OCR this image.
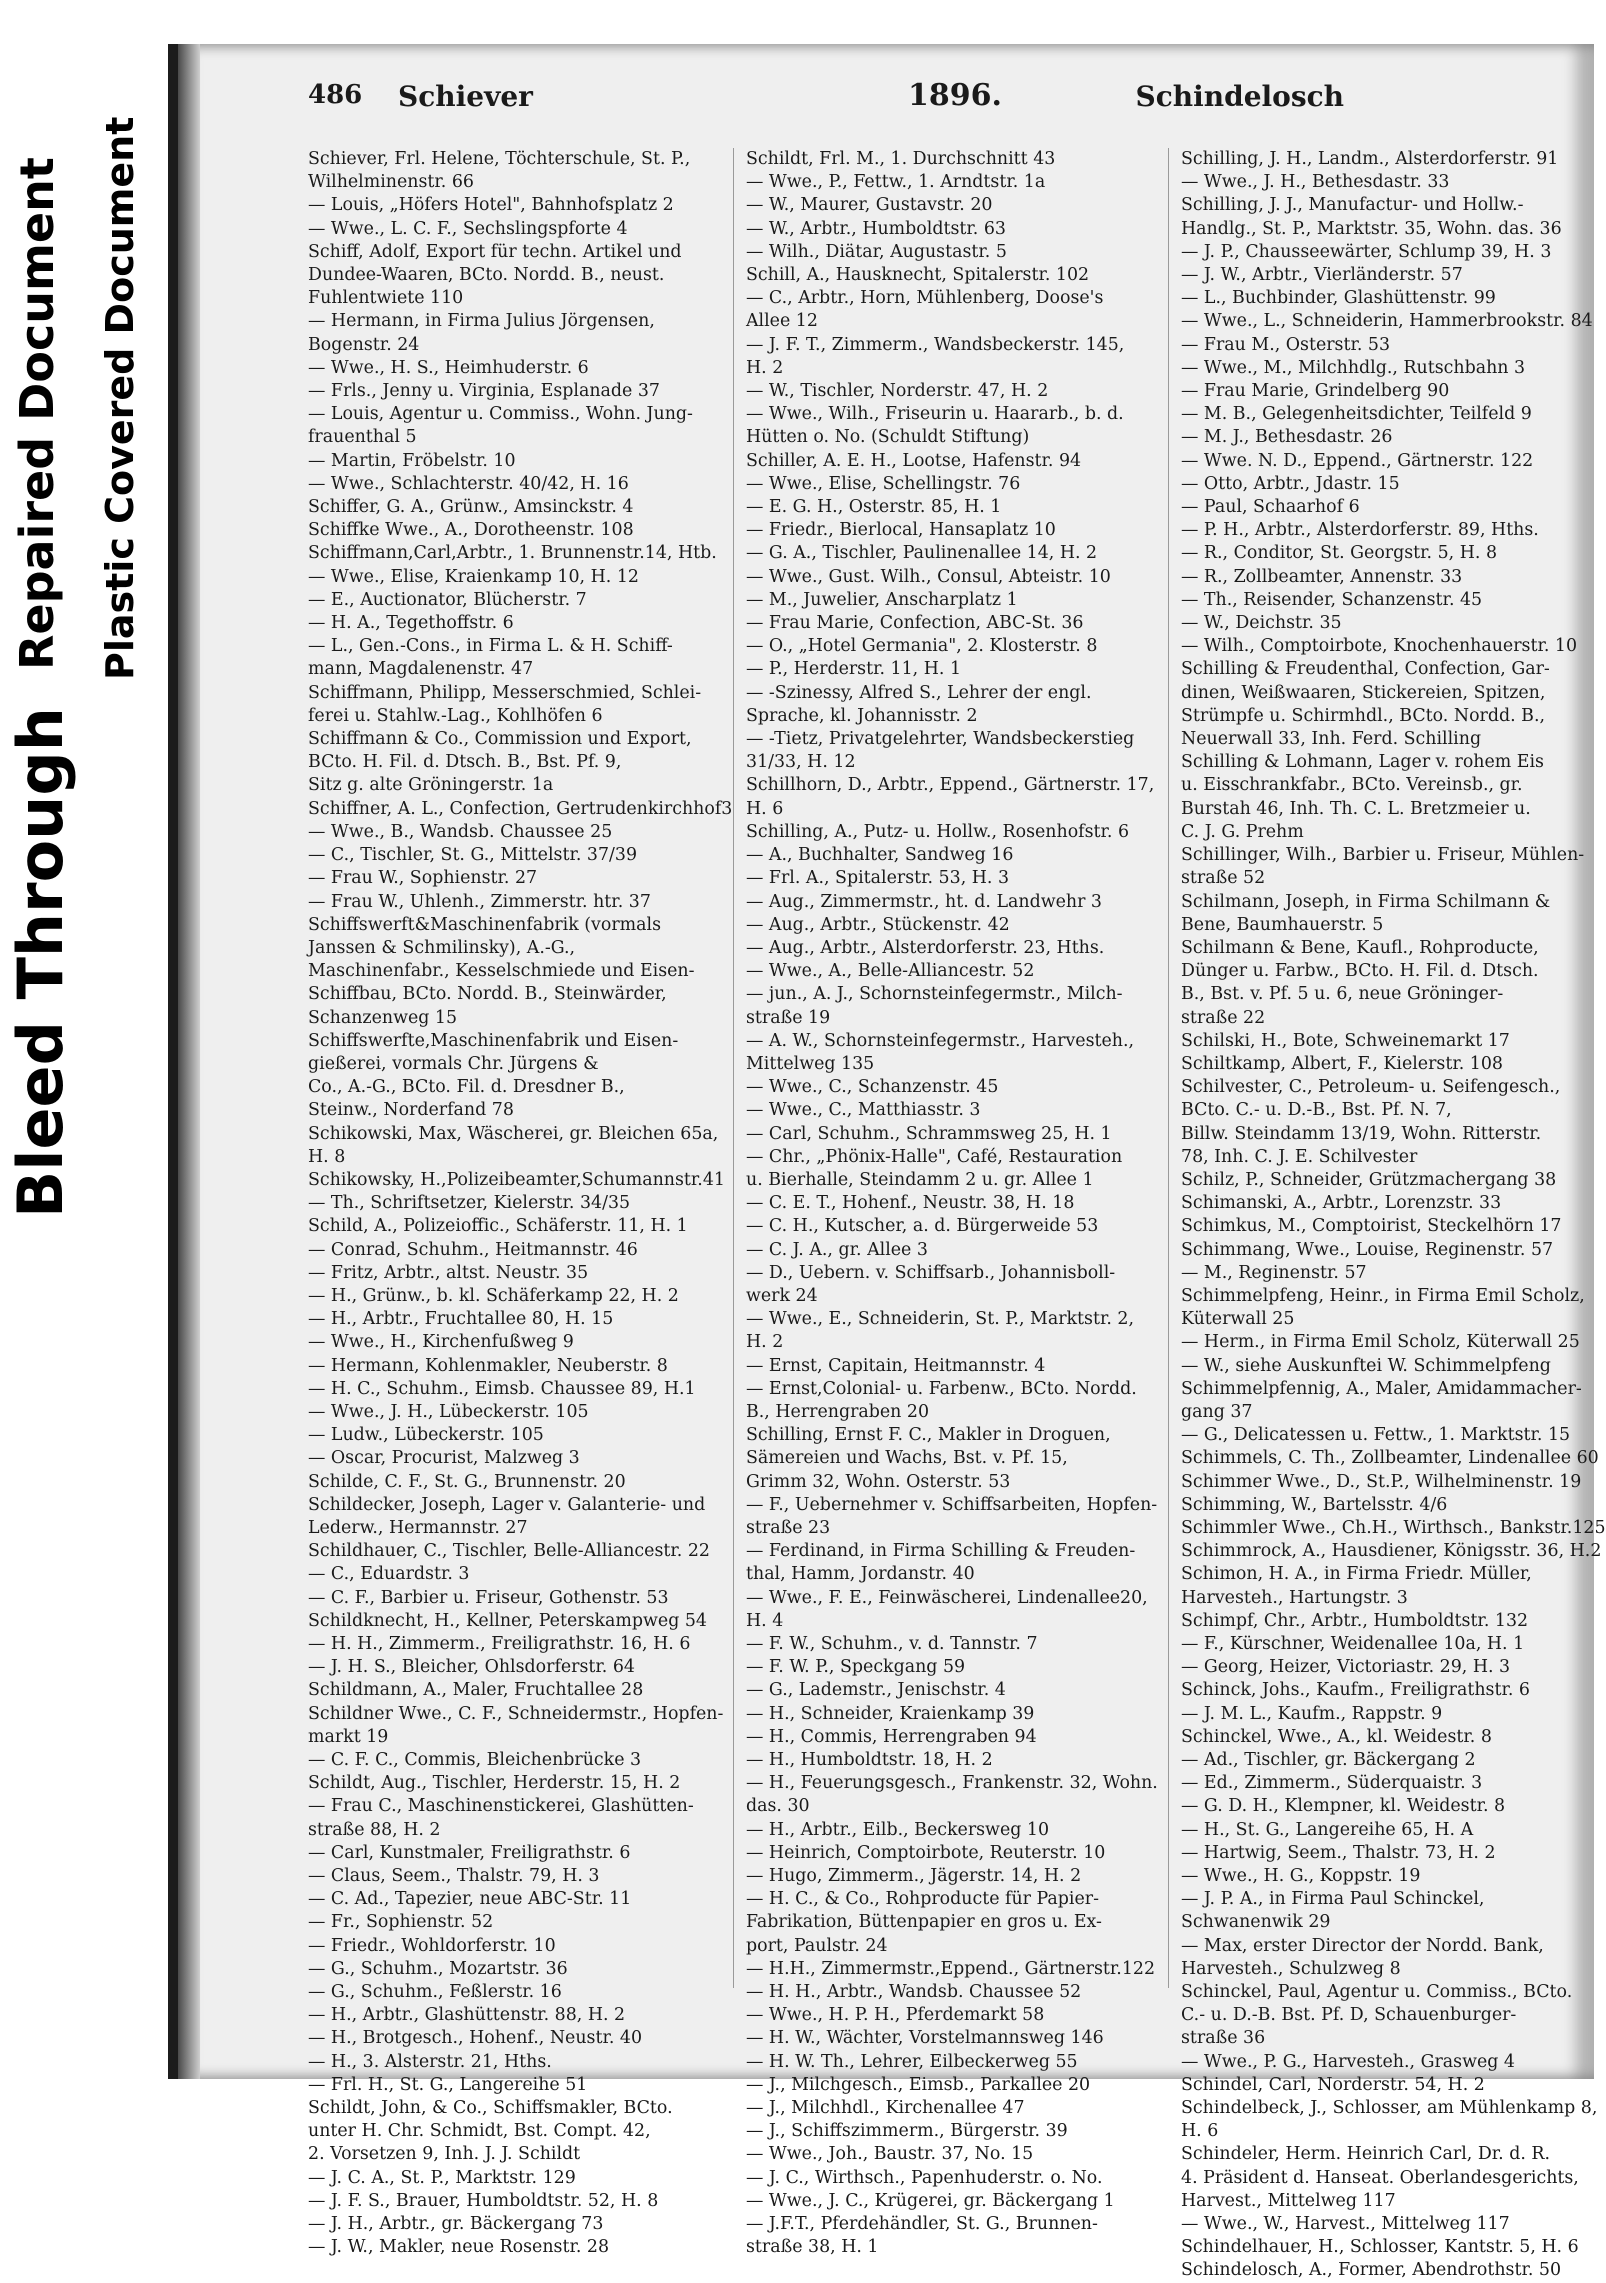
Bleed Through
Repaired Document Plastic Covered Document
486 Schiever	1896.	Schindelosch
Schiever, Frl. Helene, Töchterschule, St. P.,
Wilhelminenstr. 66
— Louis, „Höfers Hotel", Bahnhofsplatz 2
— Wwe., L. C. F., Sechslingspforte 4
Schiff, Adolf, Export für techn. Artikel und
Dundee-Waaren, BCto. Nordd. B., neust.
Fuhlentwiete 110
— Hermann, in Firma Julius Jörgensen,
Bogenstr. 24
— Wwe., H. S., Heimhuderstr. 6
— Frls., Jenny u. Virginia, Esplanade 37
— Louis, Agentur u. Commiss., Wohn. Jung-
frauenthal 5
— Martin, Fröbelstr. 10
— Wwe., Schlachterstr. 40/42, H. 16
Schiffer, G. A., Grünw., Amsinckstr. 4
Schiffke Wwe., A., Dorotheenstr. 108
Schiffmann,Carl,Arbtr., 1. Brunnenstr.14, Htb.
— Wwe., Elise, Kraienkamp 10, H. 12
— E., Auctionator, Blücherstr. 7
— H. A., Tegethoffstr. 6
— L., Gen.-Cons., in Firma L. & H. Schiff-
mann, Magdalenenstr. 47
Schiffmann, Philipp, Messerschmied, Schlei-
ferei u. Stahlw.-Lag., Kohlhöfen 6
Schiffmann & Co., Commission und Export,
BCto. H. Fil. d. Dtsch. B., Bst. Pf. 9,
Sitz g. alte Gröningerstr. 1a
Schiffner, A. L., Confection, Gertrudenkirchhof3
— Wwe., B., Wandsb. Chaussee 25
— C., Tischler, St. G., Mittelstr. 37/39
— Frau W., Sophienstr. 27
— Frau W., Uhlenh., Zimmerstr. htr. 37
Schiffswerft&Maschinenfabrik (vormals
Janssen & Schmilinsky), A.-G.,
Maschinenfabr., Kesselschmiede und Eisen-
Schiffbau, BCto. Nordd. B., Steinwärder,
Schanzenweg 15
Schiffswerfte,Maschinenfabrik und Eisen-
gießerei, vormals Chr. Jürgens &
Co., A.-G., BCto. Fil. d. Dresdner B.,
Steinw., Norderfand 78
Schikowski, Max, Wäscherei, gr. Bleichen 65a,
H. 8
Schikowsky, H.,Polizeibeamter,Schumannstr.41
— Th., Schriftsetzer, Kielerstr. 34/35
Schild, A., Polizeioffic., Schäferstr. 11, H. 1
— Conrad, Schuhm., Heitmannstr. 46
— Fritz, Arbtr., altst. Neustr. 35
— H., Grünw., b. kl. Schäferkamp 22, H. 2
— H., Arbtr., Fruchtallee 80, H. 15
— Wwe., H., Kirchenfußweg 9
— Hermann, Kohlenmakler, Neuberstr. 8
— H. C., Schuhm., Eimsb. Chaussee 89, H.1
— Wwe., J. H., Lübeckerstr. 105
— Ludw., Lübeckerstr. 105
— Oscar, Procurist, Malzweg 3
Schilde, C. F., St. G., Brunnenstr. 20
Schildecker, Joseph, Lager v. Galanterie- und
Lederw., Hermannstr. 27
Schildhauer, C., Tischler, Belle-Alliancestr. 22
— C., Eduardstr. 3
— C. F., Barbier u. Friseur, Gothenstr. 53
Schildknecht, H., Kellner, Peterskampweg 54
— H. H., Zimmerm., Freiligrathstr. 16, H. 6
— J. H. S., Bleicher, Ohlsdorferstr. 64
Schildmann, A., Maler, Fruchtallee 28
Schildner Wwe., C. F., Schneidermstr., Hopfen-
markt 19
— C. F. C., Commis, Bleichenbrücke 3
Schildt, Aug., Tischler, Herderstr. 15, H. 2
— Frau C., Maschinenstickerei, Glashütten-
straße 88, H. 2
— Carl, Kunstmaler, Freiligrathstr. 6
— Claus, Seem., Thalstr. 79, H. 3
— C. Ad., Tapezier, neue ABC-Str. 11
— Fr., Sophienstr. 52
— Friedr., Wohldorferstr. 10
— G., Schuhm., Mozartstr. 36
— G., Schuhm., Feßlerstr. 16
— H., Arbtr., Glashüttenstr. 88, H. 2
— H., Brotgesch., Hohenf., Neustr. 40
— H., 3. Alsterstr. 21, Hths.
— Frl. H., St. G., Langereihe 51
Schildt, John, & Co., Schiffsmakler, BCto.
unter H. Chr. Schmidt, Bst. Compt. 42,
2. Vorsetzen 9, Inh. J. J. Schildt
— J. C. A., St. P., Marktstr. 129
— J. F. S., Brauer, Humboldtstr. 52, H. 8
— J. H., Arbtr., gr. Bäckergang 73
— J. W., Makler, neue Rosenstr. 28
Schildt, Frl. M., 1. Durchschnitt 43
— Wwe., P., Fettw., 1. Arndtstr. 1a
— W., Maurer, Gustavstr. 20
— W., Arbtr., Humboldtstr. 63
— Wilh., Diätar, Augustastr. 5
Schill, A., Hausknecht, Spitalerstr. 102
— C., Arbtr., Horn, Mühlenberg, Doose's
Allee 12
— J. F. T., Zimmerm., Wandsbeckerstr. 145,
H. 2
— W., Tischler, Norderstr. 47, H. 2
— Wwe., Wilh., Friseurin u. Haararb., b. d.
Hütten o. No. (Schuldt Stiftung)
Schiller, A. E. H., Lootse, Hafenstr. 94
— Wwe., Elise, Schellingstr. 76
— E. G. H., Osterstr. 85, H. 1
— Friedr., Bierlocal, Hansaplatz 10
— G. A., Tischler, Paulinenallee 14, H. 2
— Wwe., Gust. Wilh., Consul, Abteistr. 10
— M., Juwelier, Anscharplatz 1
— Frau Marie, Confection, ABC-St. 36
— O., „Hotel Germania", 2. Klosterstr. 8
— P., Herderstr. 11, H. 1
— -Szinessy, Alfred S., Lehrer der engl.
Sprache, kl. Johannisstr. 2
— -Tietz, Privatgelehrter, Wandsbeckerstieg
31/33, H. 12
Schillhorn, D., Arbtr., Eppend., Gärtnerstr. 17,
H. 6
Schilling, A., Putz- u. Hollw., Rosenhofstr. 6
— A., Buchhalter, Sandweg 16
— Frl. A., Spitalerstr. 53, H. 3
— Aug., Zimmermstr., ht. d. Landwehr 3
— Aug., Arbtr., Stückenstr. 42
— Aug., Arbtr., Alsterdorferstr. 23, Hths.
— Wwe., A., Belle-Alliancestr. 52
— jun., A. J., Schornsteinfegermstr., Milch-
straße 19
— A. W., Schornsteinfegermstr., Harvesteh.,
Mittelweg 135
— Wwe., C., Schanzenstr. 45
— Wwe., C., Matthiasstr. 3
— Carl, Schuhm., Schrammsweg 25, H. 1
— Chr., „Phönix-Halle", Café, Restauration
u. Bierhalle, Steindamm 2 u. gr. Allee 1
— C. E. T., Hohenf., Neustr. 38, H. 18
— C. H., Kutscher, a. d. Bürgerweide 53
— C. J. A., gr. Allee 3
— D., Uebern. v. Schiffsarb., Johannisboll-
werk 24
— Wwe., E., Schneiderin, St. P., Marktstr. 2,
H. 2
— Ernst, Capitain, Heitmannstr. 4
— Ernst,Colonial- u. Farbenw., BCto. Nordd.
B., Herrengraben 20
Schilling, Ernst F. C., Makler in Droguen,
Sämereien und Wachs, Bst. v. Pf. 15,
Grimm 32, Wohn. Osterstr. 53
— F., Uebernehmer v. Schiffsarbeiten, Hopfen-
straße 23
— Ferdinand, in Firma Schilling & Freuden-
thal, Hamm, Jordanstr. 40
— Wwe., F. E., Feinwäscherei, Lindenallee20,
H. 4
— F. W., Schuhm., v. d. Tannstr. 7
— F. W. P., Speckgang 59
— G., Lademstr., Jenischstr. 4
— H., Schneider, Kraienkamp 39
— H., Commis, Herrengraben 94
— H., Humboldtstr. 18, H. 2
— H., Feuerungsgesch., Frankenstr. 32, Wohn.
das. 30
— H., Arbtr., Eilb., Beckersweg 10
— Heinrich, Comptoirbote, Reuterstr. 10
— Hugo, Zimmerm., Jägerstr. 14, H. 2
— H. C., & Co., Rohproducte für Papier-
Fabrikation, Büttenpapier en gros u. Ex-
port, Paulstr. 24
— H.H., Zimmermstr.,Eppend., Gärtnerstr.122
— H. H., Arbtr., Wandsb. Chaussee 52
— Wwe., H. P. H., Pferdemarkt 58
— H. W., Wächter, Vorstelmannsweg 146
— H. W. Th., Lehrer, Eilbeckerweg 55
— J., Milchgesch., Eimsb., Parkallee 20
— J., Milchhdl., Kirchenallee 47
— J., Schiffszimmerm., Bürgerstr. 39
— Wwe., Joh., Baustr. 37, No. 15
— J. C., Wirthsch., Papenhuderstr. o. No.
— Wwe., J. C., Krügerei, gr. Bäckergang 1
— J.F.T., Pferdehändler, St. G., Brunnen-
straße 38, H. 1
Schilling, J. H., Landm., Alsterdorferstr. 91
— Wwe., J. H., Bethesdastr. 33
Schilling, J. J., Manufactur- und Hollw.-
Handlg., St. P., Marktstr. 35, Wohn. das. 36
— J. P., Chausseewärter, Schlump 39, H. 3
— J. W., Arbtr., Vierländerstr. 57
— L., Buchbinder, Glashüttenstr. 99
— Wwe., L., Schneiderin, Hammerbrookstr. 84
— Frau M., Osterstr. 53
— Wwe., M., Milchhdlg., Rutschbahn 3
— Frau Marie, Grindelberg 90
— M. B., Gelegenheitsdichter, Teilfeld 9
— M. J., Bethesdastr. 26
— Wwe. N. D., Eppend., Gärtnerstr. 122
— Otto, Arbtr., Jdastr. 15
— Paul, Schaarhof 6
— P. H., Arbtr., Alsterdorferstr. 89, Hths.
— R., Conditor, St. Georgstr. 5, H. 8
— R., Zollbeamter, Annenstr. 33
— Th., Reisender, Schanzenstr. 45
— W., Deichstr. 35
— Wilh., Comptoirbote, Knochenhauerstr. 10
Schilling & Freudenthal, Confection, Gar-
dinen, Weißwaaren, Stickereien, Spitzen,
Strümpfe u. Schirmhdl., BCto. Nordd. B.,
Neuerwall 33, Inh. Ferd. Schilling
Schilling & Lohmann, Lager v. rohem Eis
u. Eisschrankfabr., BCto. Vereinsb., gr.
Burstah 46, Inh. Th. C. L. Bretzmeier u.
C. J. G. Prehm
Schillinger, Wilh., Barbier u. Friseur, Mühlen-
straße 52
Schilmann, Joseph, in Firma Schilmann &
Bene, Baumhauerstr. 5
Schilmann & Bene, Kaufl., Rohproducte,
Dünger u. Farbw., BCto. H. Fil. d. Dtsch.
B., Bst. v. Pf. 5 u. 6, neue Gröninger-
straße 22
Schilski, H., Bote, Schweinemarkt 17
Schiltkamp, Albert, F., Kielerstr. 108
Schilvester, C., Petroleum- u. Seifengesch.,
BCto. C.- u. D.-B., Bst. Pf. N. 7,
Billw. Steindamm 13/19, Wohn. Ritterstr.
78, Inh. C. J. E. Schilvester
Schilz, P., Schneider, Grützmachergang 38
Schimanski, A., Arbtr., Lorenzstr. 33
Schimkus, M., Comptoirist, Steckelhörn 17
Schimmang, Wwe., Louise, Reginenstr. 57
— M., Reginenstr. 57
Schimmelpfeng, Heinr., in Firma Emil Scholz,
Küterwall 25
— Herm., in Firma Emil Scholz, Küterwall 25
— W., siehe Auskunftei W. Schimmelpfeng
Schimmelpfennig, A., Maler, Amidammacher-
gang 37
— G., Delicatessen u. Fettw., 1. Marktstr. 15
Schimmels, C. Th., Zollbeamter, Lindenallee 60
Schimmer Wwe., D., St.P., Wilhelminenstr. 19
Schimming, W., Bartelsstr. 4/6
Schimmler Wwe., Ch.H., Wirthsch., Bankstr.125
Schimmrock, A., Hausdiener, Königsstr. 36, H.2
Schimon, H. A., in Firma Friedr. Müller,
Harvesteh., Hartungstr. 3
Schimpf, Chr., Arbtr., Humboldtstr. 132
— F., Kürschner, Weidenallee 10a, H. 1
— Georg, Heizer, Victoriastr. 29, H. 3
Schinck, Johs., Kaufm., Freiligrathstr. 6
— J. M. L., Kaufm., Rappstr. 9
Schinckel, Wwe., A., kl. Weidestr. 8
— Ad., Tischler, gr. Bäckergang 2
— Ed., Zimmerm., Süderquaistr. 3
— G. D. H., Klempner, kl. Weidestr. 8
— H., St. G., Langereihe 65, H. A
— Hartwig, Seem., Thalstr. 73, H. 2
— Wwe., H. G., Koppstr. 19
— J. P. A., in Firma Paul Schinckel,
Schwanenwik 29
— Max, erster Director der Nordd. Bank,
Harvesteh., Schulzweg 8
Schinckel, Paul, Agentur u. Commiss., BCto.
C.- u. D.-B. Bst. Pf. D, Schauenburger-
straße 36
— Wwe., P. G., Harvesteh., Grasweg 4
Schindel, Carl, Norderstr. 54, H. 2
Schindelbeck, J., Schlosser, am Mühlenkamp 8,
H. 6
Schindeler, Herm. Heinrich Carl, Dr. d. R.
4. Präsident d. Hanseat. Oberlandesgerichts,
Harvest., Mittelweg 117
— Wwe., W., Harvest., Mittelweg 117
Schindelhauer, H., Schlosser, Kantstr. 5, H. 6
Schindelosch, A., Former, Abendrothstr. 50
